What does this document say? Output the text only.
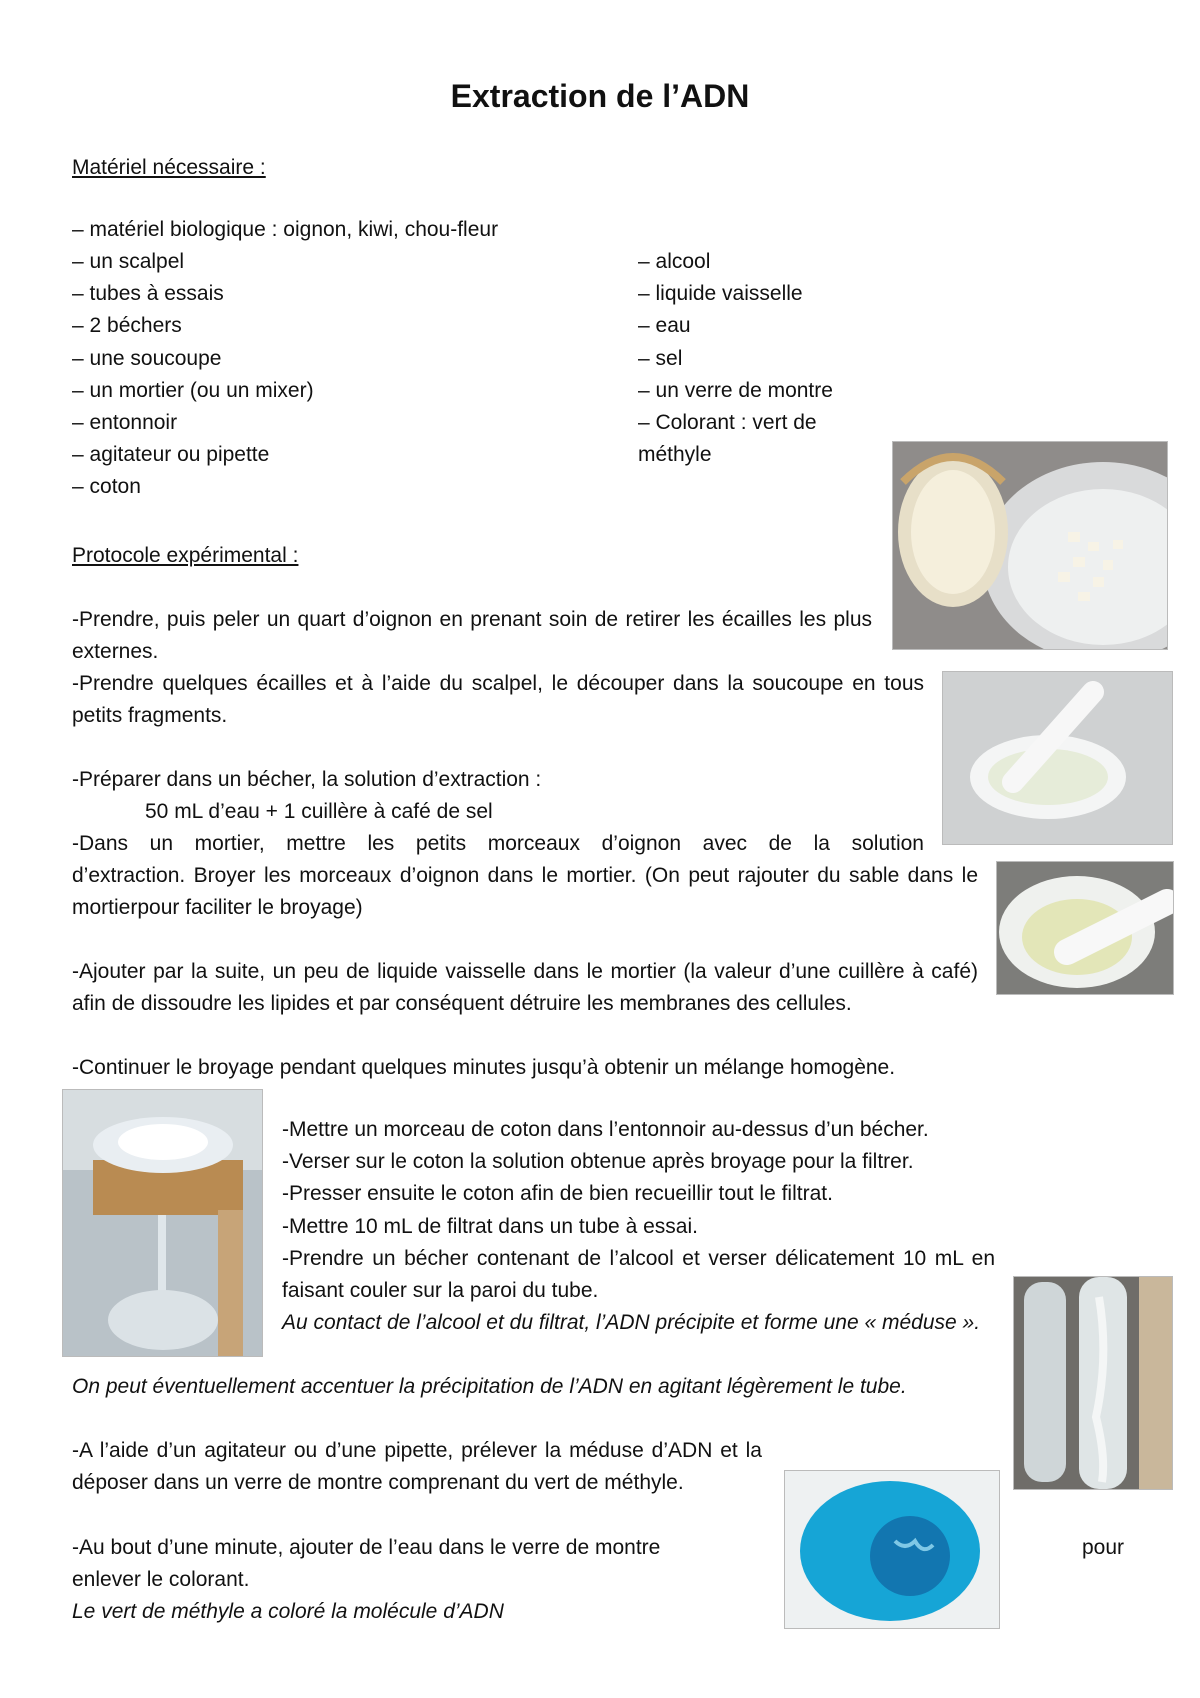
Extraction de l’ADN
Matériel nécessaire :
– matériel biologique : oignon, kiwi, chou-fleur
– un scalpel
– tubes à essais
– 2 béchers
– une soucoupe
– un mortier (ou un mixer)
– entonnoir
– agitateur ou pipette
– coton
– alcool
– liquide vaisselle
– eau
– sel
– un verre de montre
– Colorant : vert de
méthyle
Protocole expérimental :
-Prendre, puis peler un quart d’oignon en prenant soin de retirer les écailles les plus externes.
-Prendre quelques écailles et à l’aide du scalpel, le découper dans la soucoupe en tous petits fragments.
-Préparer dans un bécher, la solution d’extraction :
50 mL d’eau + 1 cuillère à café de sel
-Dans un mortier, mettre les petits morceaux d’oignon avec de la solution
d’extraction. Broyer les morceaux d’oignon dans le mortier. (On peut rajouter du sable dans le mortierpour faciliter le broyage)
-Ajouter par la suite, un peu de liquide vaisselle dans le mortier (la valeur d’une cuillère à café) afin de dissoudre les lipides et par conséquent détruire les membranes des cellules.
-Continuer le broyage pendant quelques minutes jusqu’à obtenir un mélange homogène.
-Mettre un morceau de coton dans l’entonnoir au-dessus d’un bécher.
-Verser sur le coton la solution obtenue après broyage pour la filtrer.
-Presser ensuite le coton afin de bien recueillir tout le filtrat.
-Mettre 10 mL de filtrat dans un tube à essai.
-Prendre un bécher contenant de l’alcool et verser délicatement 10 mL en faisant couler sur la paroi du tube.
Au contact de l’alcool et du filtrat, l’ADN précipite et forme une « méduse ».
On peut éventuellement accentuer la précipitation de l’ADN en agitant légèrement le tube.
-A l’aide d’un agitateur ou d’une pipette, prélever la méduse d’ADN et la déposer dans un verre de montre comprenant du vert de méthyle.
-Au bout d’une minute, ajouter de l’eau dans le verre de montre	pour
enlever le colorant.
Le vert de méthyle a coloré la molécule d’ADN
